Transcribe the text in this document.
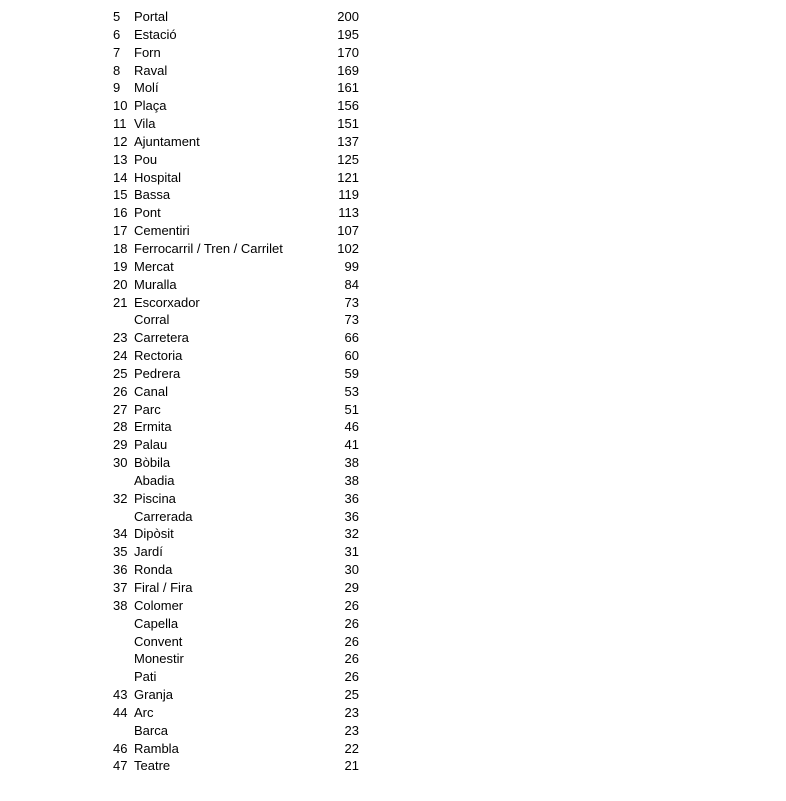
5 Portal	200
6 Estació	195
7 Forn	170
8 Raval	169
9 Molí	161
10 Plaça	156
11 Vila	151
12 Ajuntament	137
13 Pou	125
14 Hospital	121
15 Bassa	119
16 Pont	113
17 Cementiri	107
18 Ferrocarril / Tren / Carrilet	102
19 Mercat	99
20 Muralla	84
21 Escorxador	73
Corral	73
23 Carretera	66
24 Rectoria	60
25 Pedrera	59
26 Canal	53
27 Parc	51
28 Ermita	46
29 Palau	41
30 Bòbila	38
Abadia	38
32 Piscina	36
Carrerada	36
34 Dipòsit	32
35 Jardí	31
36 Ronda	30
37 Firal / Fira	29
38 Colomer	26
Capella	26
Convent	26
Monestir	26
Pati	26
43 Granja	25
44 Arc	23
Barca	23
46 Rambla	22
47 Teatre	21
